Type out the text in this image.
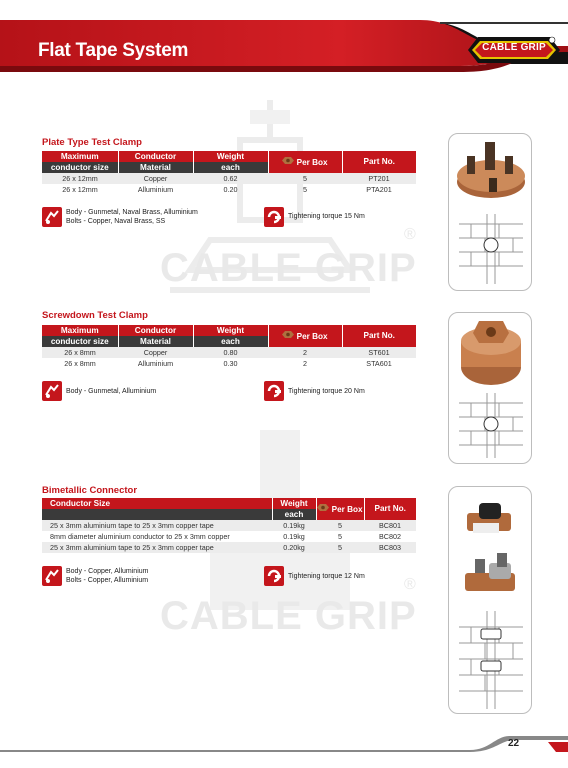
Flat Tape System	CABLE GRIP
CABLE GRIP
®
CABLE GRIP
®
Plate Type Test Clamp
Maximum	Conductor	Weight	Per Box	Part No.
conductor size	Material	each		
26 x 12mm	Copper	0.62	5	PT201
26 x 12mm	Alluminium	0.20	5	PTA201
Body - Gunmetal, Naval Brass, Alluminium
Bolts - Copper, Naval Brass, SS
Tightening torque 15 Nm
Screwdown Test Clamp
Maximum	Conductor	Weight	Per Box	Part No.
conductor size	Material	each		
26 x 8mm	Copper	0.80	2	ST601
26 x 8mm	Alluminium	0.30	2	STA601
Body - Gunmetal, Alluminium	Tightening torque 20 Nm
Bimetallic Connector
Conductor Size	Weight	Per Box	Part No.
	each		
25 x 3mm aluminium tape to 25 x 3mm copper tape	0.19kg	5	BC801
8mm diameter aluminium conductor to 25 x 3mm copper	0.19kg	5	BC802
25 x 3mm aluminium tape to 25 x 3mm copper tape	0.20kg	5	BC803
Body - Copper, Alluminium
Bolts - Copper, Alluminium
Tightening torque 12 Nm
22
